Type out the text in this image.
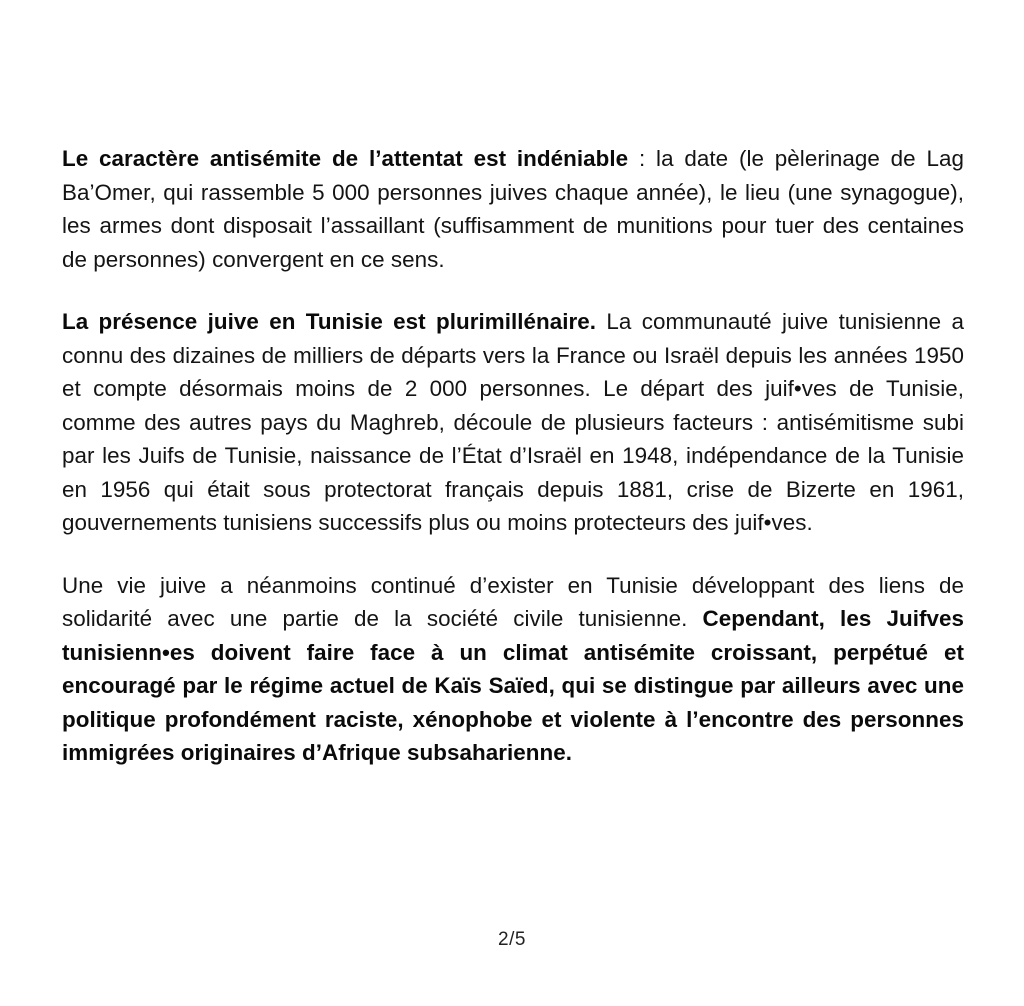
Le caractère antisémite de l’attentat est indéniable : la date (le pèlerinage de Lag Ba’Omer, qui rassemble 5 000 personnes juives chaque année), le lieu (une synagogue), les armes dont disposait l’assaillant (suffisamment de munitions pour tuer des centaines de personnes) convergent en ce sens.

La présence juive en Tunisie est plurimillénaire. La communauté juive tunisienne a connu des dizaines de milliers de départs vers la France ou Israël depuis les années 1950 et compte désormais moins de 2 000 personnes. Le départ des juif•ves de Tunisie, comme des autres pays du Maghreb, découle de plusieurs facteurs : antisémitisme subi par les Juifs de Tunisie, naissance de l’État d’Israël en 1948, indépendance de la Tunisie en 1956 qui était sous protectorat français depuis 1881, crise de Bizerte en 1961, gouvernements tunisiens successifs plus ou moins protecteurs des juif•ves.

Une vie juive a néanmoins continué d’exister en Tunisie développant des liens de solidarité avec une partie de la société civile tunisienne. Cependant, les Juifves tunisienn•es doivent faire face à un climat antisémite croissant, perpétué et encouragé par le régime actuel de Kaïs Saïed, qui se distingue par ailleurs avec une politique profondément raciste, xénophobe et violente à l’encontre des personnes immigrées originaires d’Afrique subsaharienne.

2/5
